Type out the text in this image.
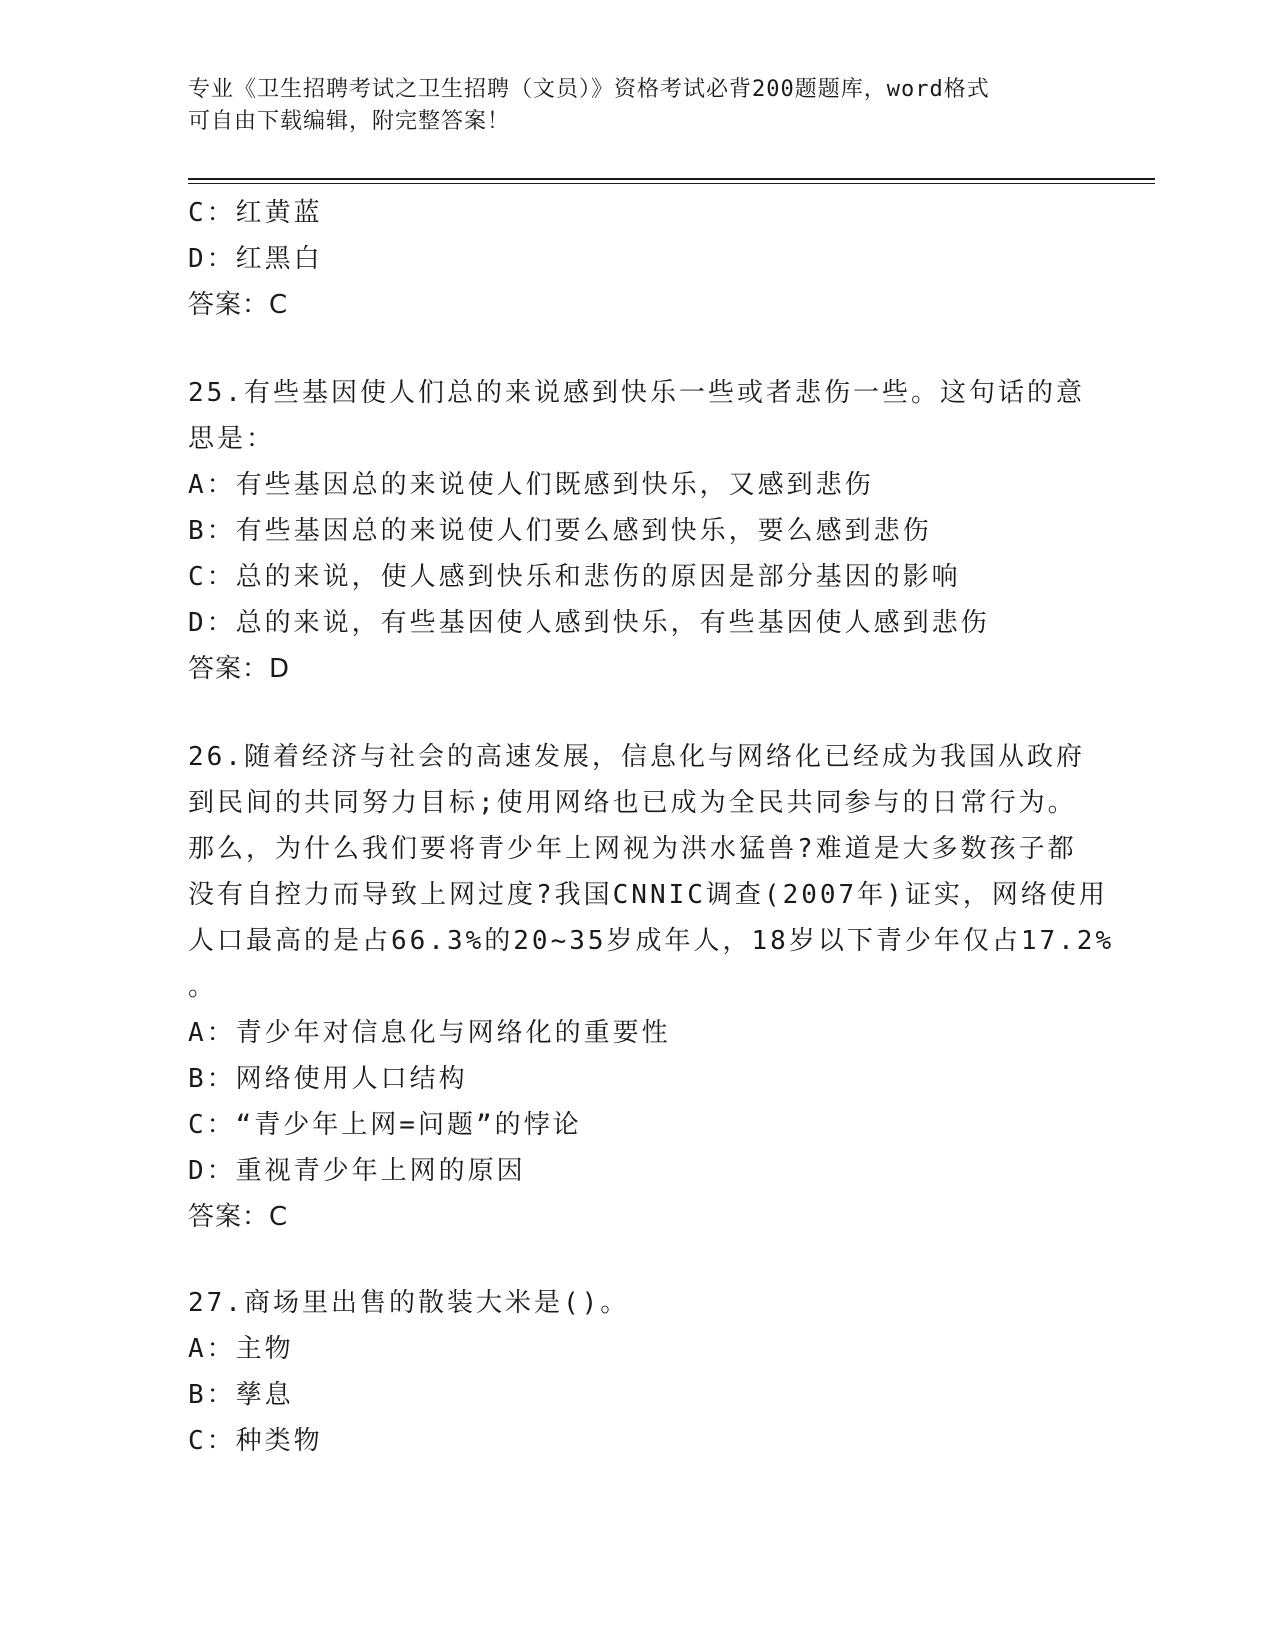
专业《卫生招聘考试之卫生招聘（文员）》资格考试必背200题题库，word格式
可自由下载编辑，附完整答案！
C：红黄蓝
D：红黑白
答案：C
25.有些基因使人们总的来说感到快乐一些或者悲伤一些。这句话的意
思是：
A：有些基因总的来说使人们既感到快乐，又感到悲伤
B：有些基因总的来说使人们要么感到快乐，要么感到悲伤
C：总的来说，使人感到快乐和悲伤的原因是部分基因的影响
D：总的来说，有些基因使人感到快乐，有些基因使人感到悲伤
答案：D
26.随着经济与社会的高速发展，信息化与网络化已经成为我国从政府
到民间的共同努力目标;使用网络也已成为全民共同参与的日常行为。
那么，为什么我们要将青少年上网视为洪水猛兽?难道是大多数孩子都
没有自控力而导致上网过度?我国CNNIC调查(2007年)证实，网络使用
人口最高的是占66.3%的20~35岁成年人，18岁以下青少年仅占17.2%
。
A：青少年对信息化与网络化的重要性
B：网络使用人口结构
C：“青少年上网=问题”的悖论
D：重视青少年上网的原因
答案：C
27.商场里出售的散装大米是()。
A：主物
B：孳息
C：种类物
